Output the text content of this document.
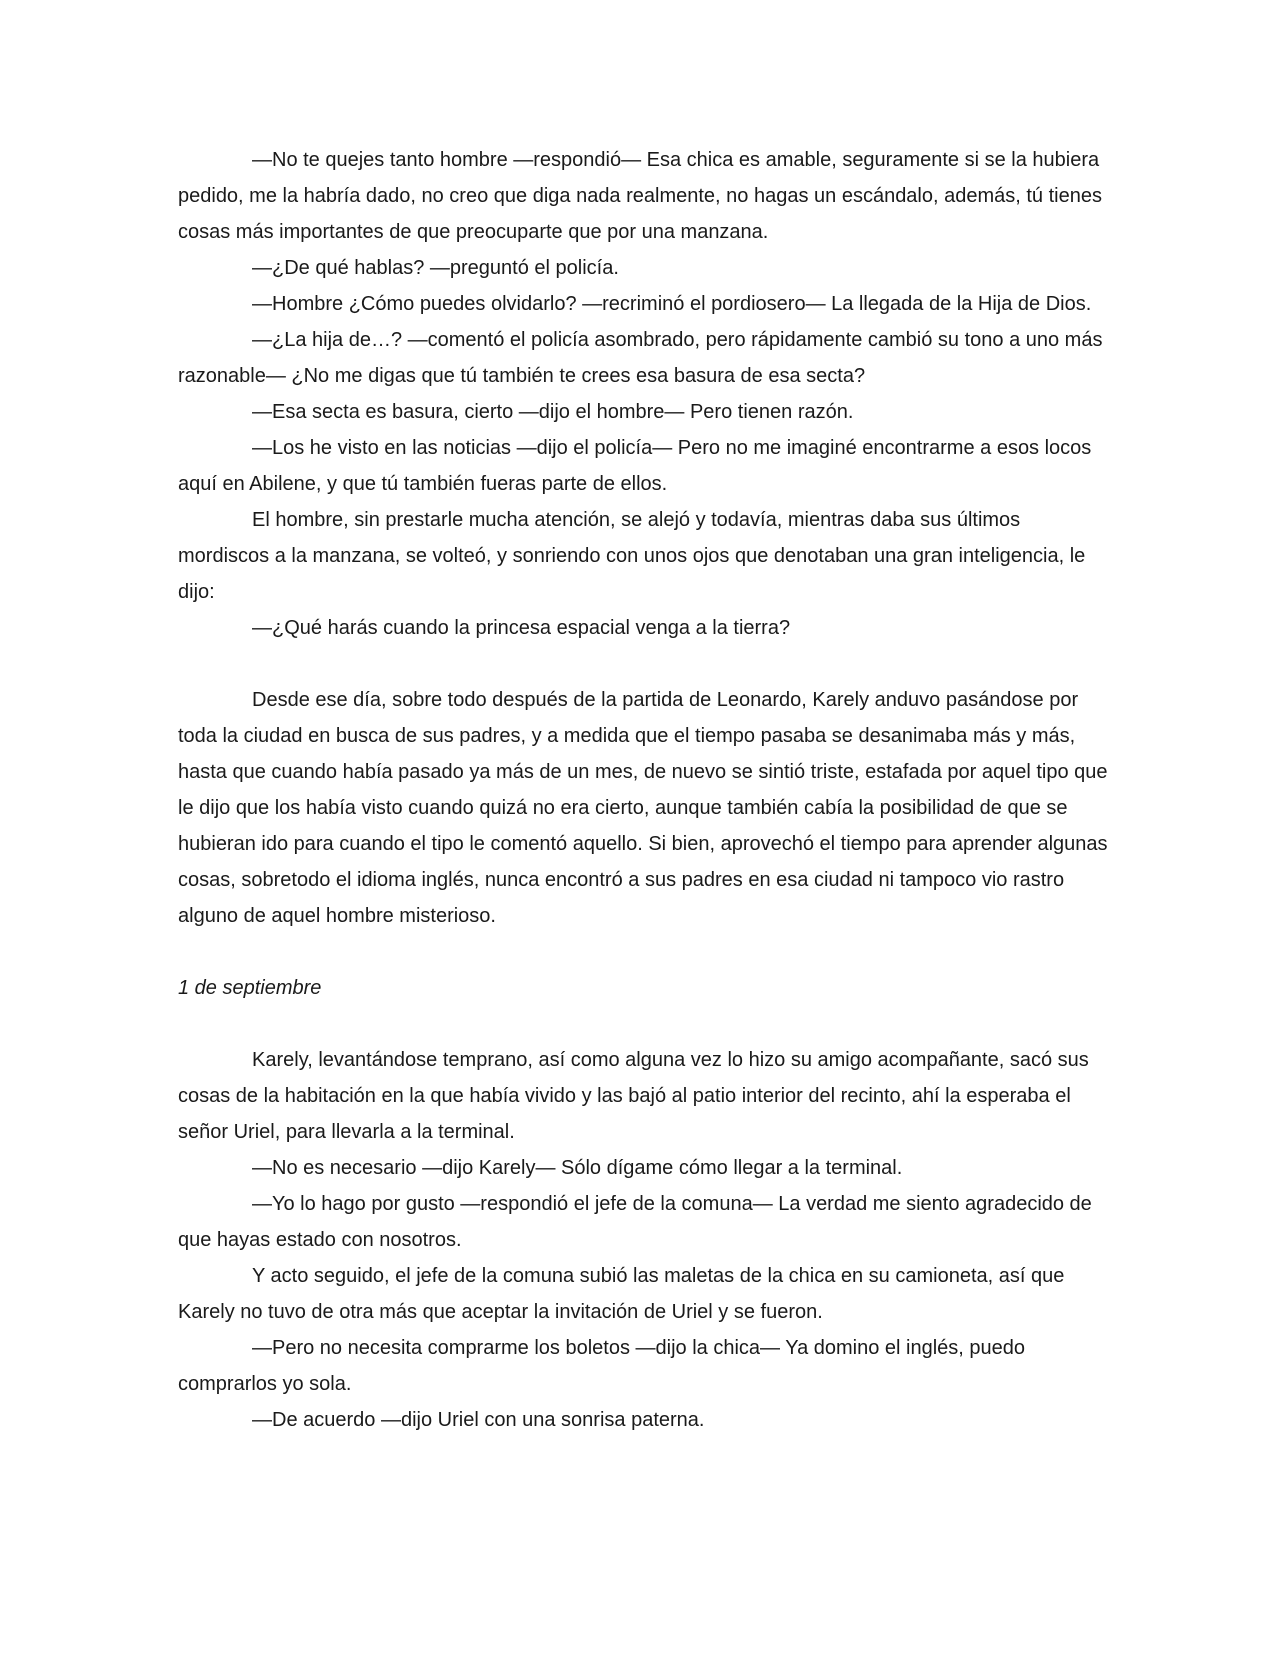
—No te quejes tanto hombre —respondió— Esa chica es amable, seguramente si se la hubiera pedido, me la habría dado, no creo que diga nada realmente, no hagas un escándalo, además, tú tienes cosas más importantes de que preocuparte que por una manzana.

—¿De qué hablas? —preguntó el policía.

—Hombre ¿Cómo puedes olvidarlo? —recriminó el pordiosero— La llegada de la Hija de Dios.

—¿La hija de…? —comentó el policía asombrado, pero rápidamente cambió su tono a uno más razonable— ¿No me digas que tú también te crees esa basura de esa secta?

—Esa secta es basura, cierto —dijo el hombre— Pero tienen razón.

—Los he visto en las noticias —dijo el policía— Pero no me imaginé encontrarme a esos locos aquí en Abilene, y que tú también fueras parte de ellos.

El hombre, sin prestarle mucha atención, se alejó y todavía, mientras daba sus últimos mordiscos a la manzana, se volteó, y sonriendo con unos ojos que denotaban una gran inteligencia, le dijo:

—¿Qué harás cuando la princesa espacial venga a la tierra?

Desde ese día, sobre todo después de la partida de Leonardo, Karely anduvo pasándose por toda la ciudad en busca de sus padres, y a medida que el tiempo pasaba se desanimaba más y más, hasta que cuando había pasado ya más de un mes, de nuevo se sintió triste, estafada por aquel tipo que le dijo que los había visto cuando quizá no era cierto, aunque también cabía la posibilidad de que se hubieran ido para cuando el tipo le comentó aquello. Si bien, aprovechó el tiempo para aprender algunas cosas, sobretodo el idioma inglés, nunca encontró a sus padres en esa ciudad ni tampoco vio rastro alguno de aquel hombre misterioso.

1 de septiembre

Karely, levantándose temprano, así como alguna vez lo hizo su amigo acompañante, sacó sus cosas de la habitación en la que había vivido y las bajó al patio interior del recinto, ahí la esperaba el señor Uriel, para llevarla a la terminal.

—No es necesario —dijo Karely— Sólo dígame cómo llegar a la terminal.

—Yo lo hago por gusto —respondió el jefe de la comuna— La verdad me siento agradecido de que hayas estado con nosotros.

Y acto seguido, el jefe de la comuna subió las maletas de la chica en su camioneta, así que Karely no tuvo de otra más que aceptar la invitación de Uriel y se fueron.

—Pero no necesita comprarme los boletos —dijo la chica— Ya domino el inglés, puedo comprarlos yo sola.

—De acuerdo —dijo Uriel con una sonrisa paterna.
